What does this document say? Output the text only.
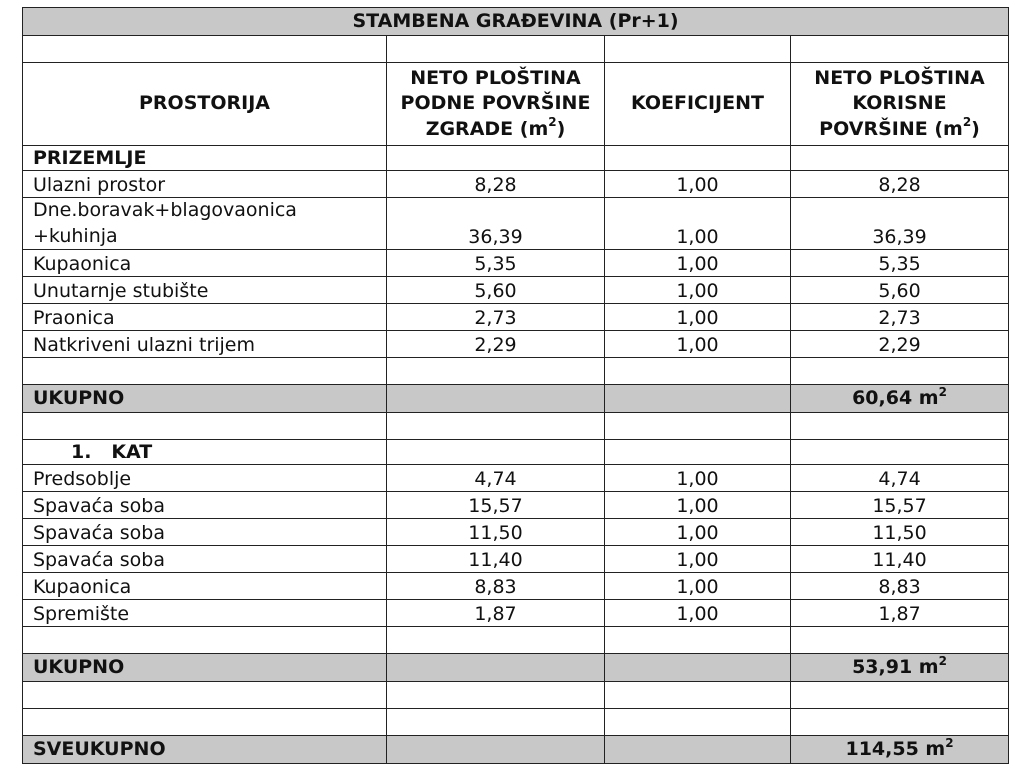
STAMBENA GRAĐEVINA (Pr+1)			

PROSTORIJA	NETO PLOŠTINA PODNE POVRŠINE ZGRADE $(m^2)$	KOEFICIJENT	NETO PLOŠTINA KORISNE POVRŠINE $(m^2)$
PRIZEMLJE			
Ulazni prostor	8,28	1,00	8,28
Dne.boravak+blagovaonica +kuhinja	36,39	1,00	36,39
Kupaonica	5,35	1,00	5,35
Unutarnje stubište	5,60	1,00	5,60
Praonica	2,73	1,00	2,73
Natkriveni ulazni trijem	2,29	1,00	2,29

UKUPNO			60,64 $m^2$

1. KAT			
Predsoblje	4,74	1,00	4,74
Spavaća soba	15,57	1,00	15,57
Spavaća soba	11,50	1,00	11,50
Spavaća soba	11,40	1,00	11,40
Kupaonica	8,83	1,00	8,83
Spremište	1,87	1,00	1,87

UKUPNO			53,91 $m^2$

SVEUKUPNO			114,55 $m^2$
